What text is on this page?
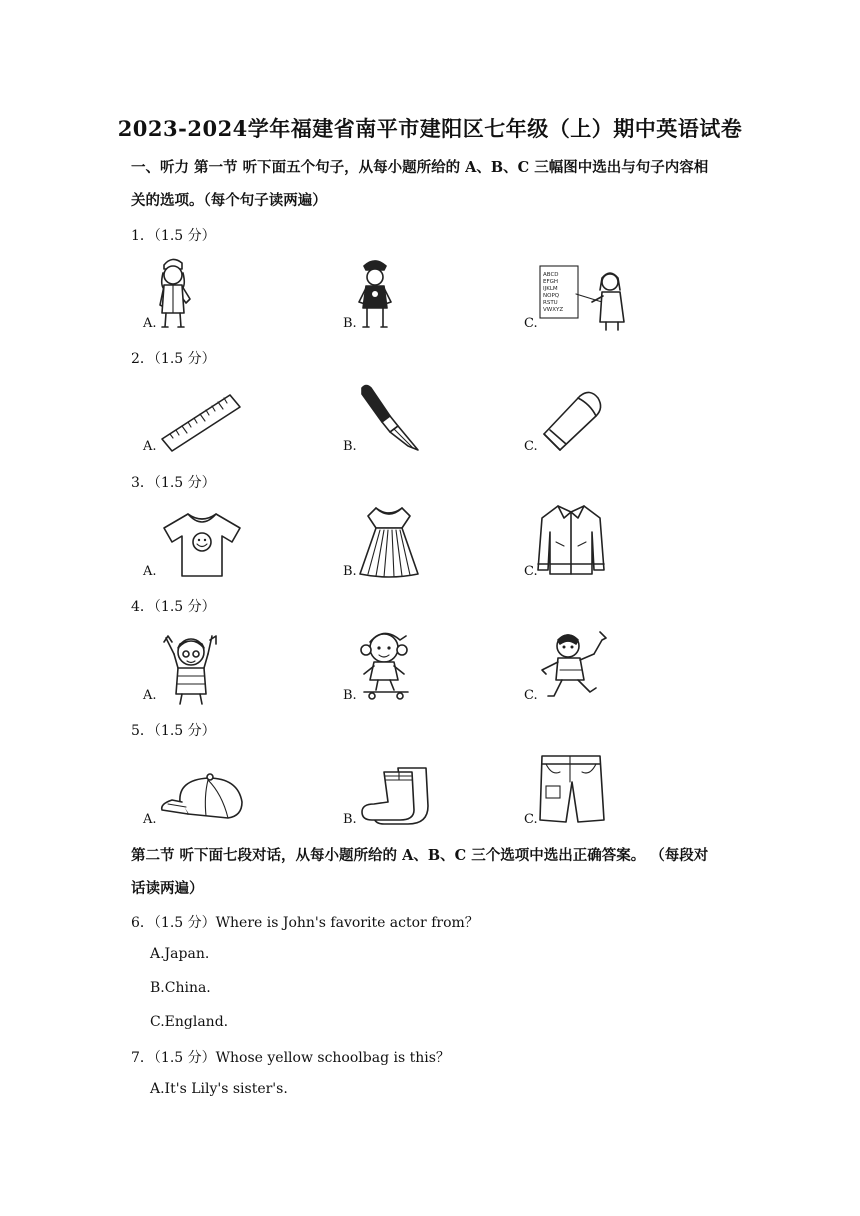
2023-2024学年福建省南平市建阳区七年级（上）期中英语试卷
一、听力 第一节 听下面五个句子，从每小题所给的 A、B、C 三幅图中选出与句子内容相
关的选项。（每个句子读两遍）
1．（1.5 分）
A.	B.	C.
ABCD
EFGH
IJKLM
NOPQ
RSTU
VWXYZ
2．（1.5 分）
A.	B.	C.
3．（1.5 分）
A.	B.	C.
4．（1.5 分）
A.	B.	C.
5．（1.5 分）
A.	B.	C.
第二节 听下面七段对话，从每小题所给的 A、B、C 三个选项中选出正确答案。 （每段对
话读两遍）
6．（1.5 分）Where is John's favorite actor from？
A.Japan.
B.China.
C.England.
7．（1.5 分）Whose yellow schoolbag is this？
A.It's Lily's sister's.
